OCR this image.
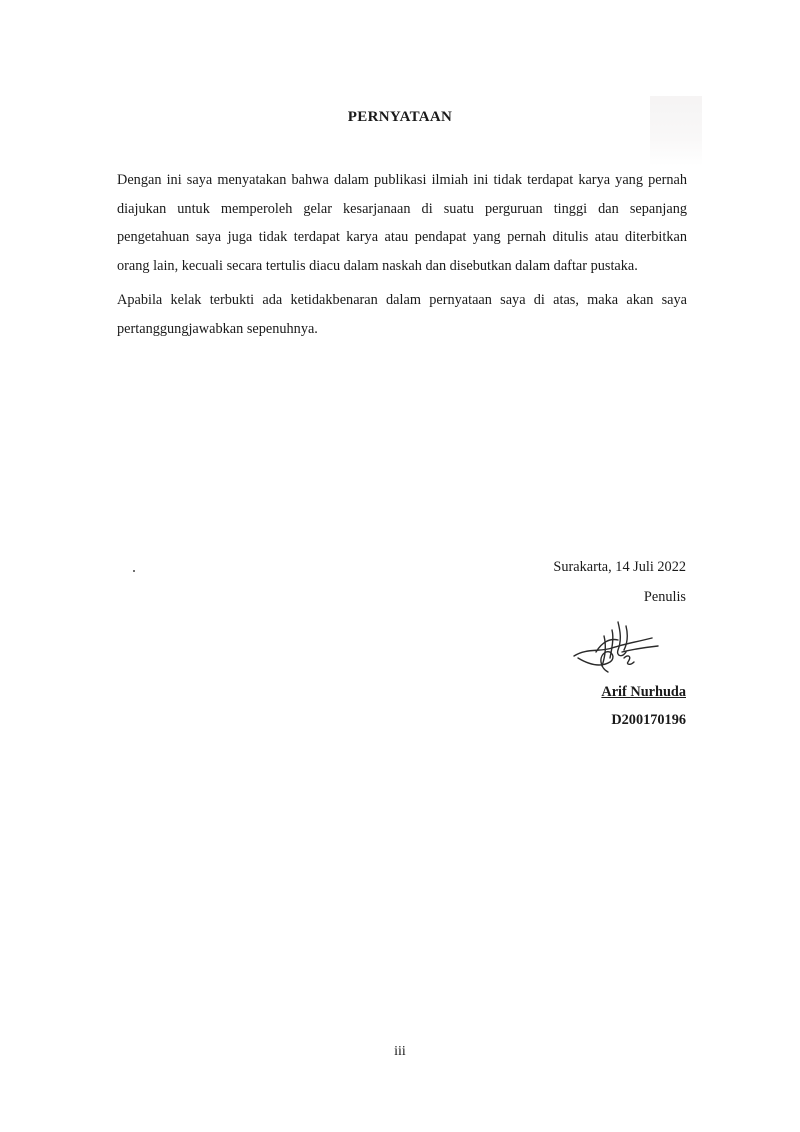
PERNYATAAN

Dengan ini saya menyatakan bahwa dalam publikasi ilmiah ini tidak terdapat karya yang pernah diajukan untuk memperoleh gelar kesarjanaan di suatu perguruan tinggi dan sepanjang pengetahuan saya juga tidak terdapat karya atau pendapat yang pernah ditulis atau diterbitkan orang lain, kecuali secara tertulis diacu dalam naskah dan disebutkan dalam daftar pustaka.

Apabila kelak terbukti ada ketidakbenaran dalam pernyataan saya di atas, maka akan saya pertanggungjawabkan sepenuhnya.

Surakarta, 14 Juli 2022
Penulis
Arif Nurhuda
D200170196
iii
